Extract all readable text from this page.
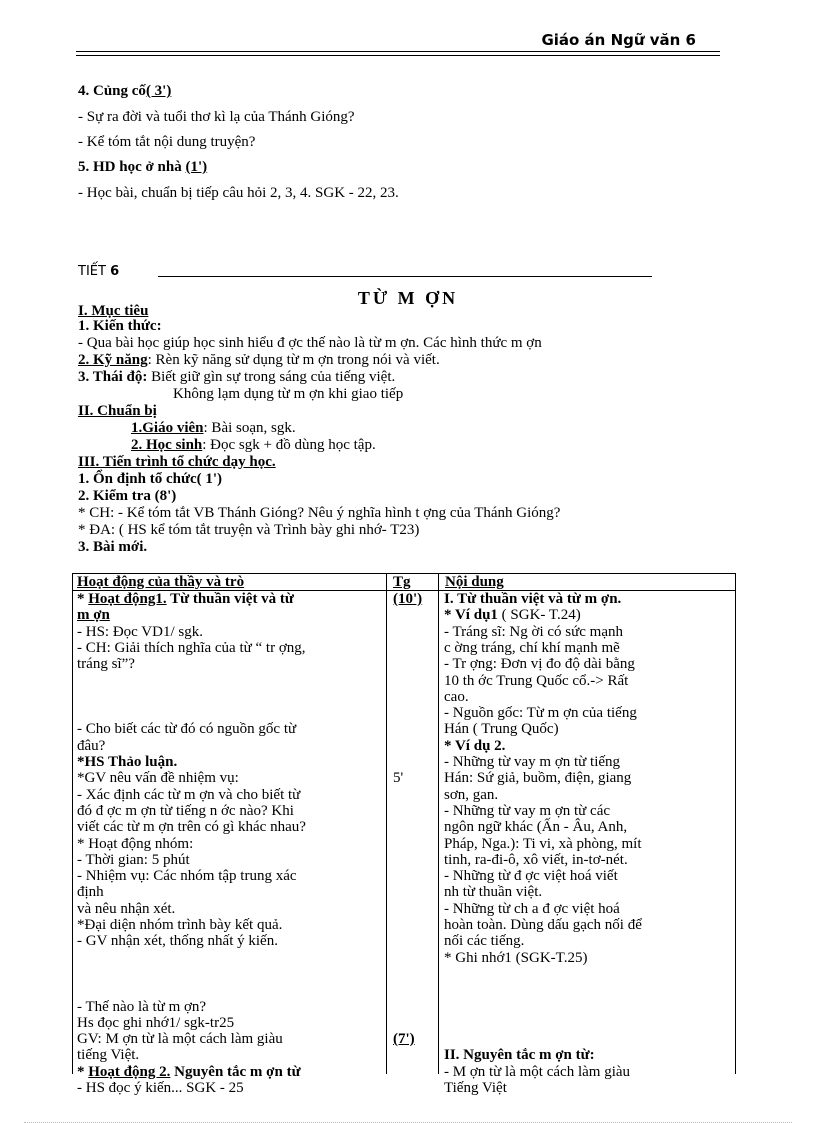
Giáo án Ngữ văn 6
4. Củng cố( 3')
- Sự ra đời và tuổi thơ kì lạ của Thánh Gióng?
- Kể tóm tắt nội dung truyện?
5. HD học ở nhà (1')
- Học bài, chuẩn bị tiếp câu hỏi 2, 3, 4. SGK - 22, 23.
TIẾT 6
TỪ M ỢN
I. Mục tiêu
1. Kiến thức:
- Qua bài học giúp học sinh hiểu đ ợc thế nào là từ m ợn. Các hình thức m ợn
2. Kỹ năng: Rèn kỹ năng sử dụng từ m ợn trong nói và viết.
3. Thái độ: Biết giữ gìn sự trong sáng của tiếng việt.
Không lạm dụng từ m ợn khi giao tiếp
II. Chuẩn bị
1.Giáo viên: Bài soạn, sgk.
2. Học sinh: Đọc sgk + đồ dùng học tập.
III. Tiến trình tổ chức dạy học.
1. Ổn định tổ chức( 1')
2. Kiểm tra (8')
* CH: - Kể tóm tắt VB Thánh Gióng? Nêu ý nghĩa hình t ợng của Thánh Gióng?
* ĐA: ( HS kể tóm tắt truyện và Trình bày ghi nhớ- T23)
3. Bài mới.
Hoạt động của thầy và trò	Tg Nội dung
* Hoạt động1. Từ thuần việt và từ
m ợn
- HS: Đọc VD1/ sgk.
- CH: Giải thích nghĩa của từ “ tr ợng,
tráng sĩ”?
- Cho biết các từ đó có nguồn gốc từ
đâu?
*HS Thảo luận.
*GV nêu vấn đề nhiệm vụ:
- Xác định các từ m ợn và cho biết từ
đó đ ợc m ợn từ tiếng n ớc nào? Khi
viết các từ m ợn trên có gì khác nhau?
* Hoạt động nhóm:
- Thời gian: 5 phút
- Nhiệm vụ: Các nhóm tập trung xác
định
và nêu nhận xét.
*Đại diện nhóm trình bày kết quả.
- GV nhận xét, thống nhất ý kiến.
- Thế nào là từ m ợn?
Hs đọc ghi nhớ1/ sgk-tr25
GV: M ợn từ là một cách làm giàu
tiếng Việt.
* Hoạt động 2. Nguyên tắc m ợn từ
- HS đọc ý kiến... SGK - 25
(10')
5'
(7')
I. Từ thuần việt và từ m ợn.
* Ví dụ1 ( SGK- T.24)
- Tráng sĩ: Ng ời có sức mạnh
c ờng tráng, chí khí mạnh mẽ
- Tr ợng: Đơn vị đo độ dài bằng
10 th ớc Trung Quốc cổ.-> Rất
cao.
- Nguồn gốc: Từ m ợn của tiếng
Hán ( Trung Quốc)
* Ví dụ 2.
- Những từ vay m ợn từ tiếng
Hán: Sứ giả, buồm, điện, giang
sơn, gan.
- Những từ vay m ợn từ các
ngôn ngữ khác (Ấn - Âu, Anh,
Pháp, Nga.): Ti vi, xà phòng, mít
tinh, ra-đi-ô, xô viết, in-tơ-nét.
- Những từ đ ợc việt hoá viết
nh từ thuần việt.
- Những từ ch a đ ợc việt hoá
hoàn toàn. Dùng dấu gạch nối để
nối các tiếng.
* Ghi nhớ1 (SGK-T.25)
II. Nguyên tắc m ợn từ:
- M ợn từ là một cách làm giàu
Tiếng Việt
